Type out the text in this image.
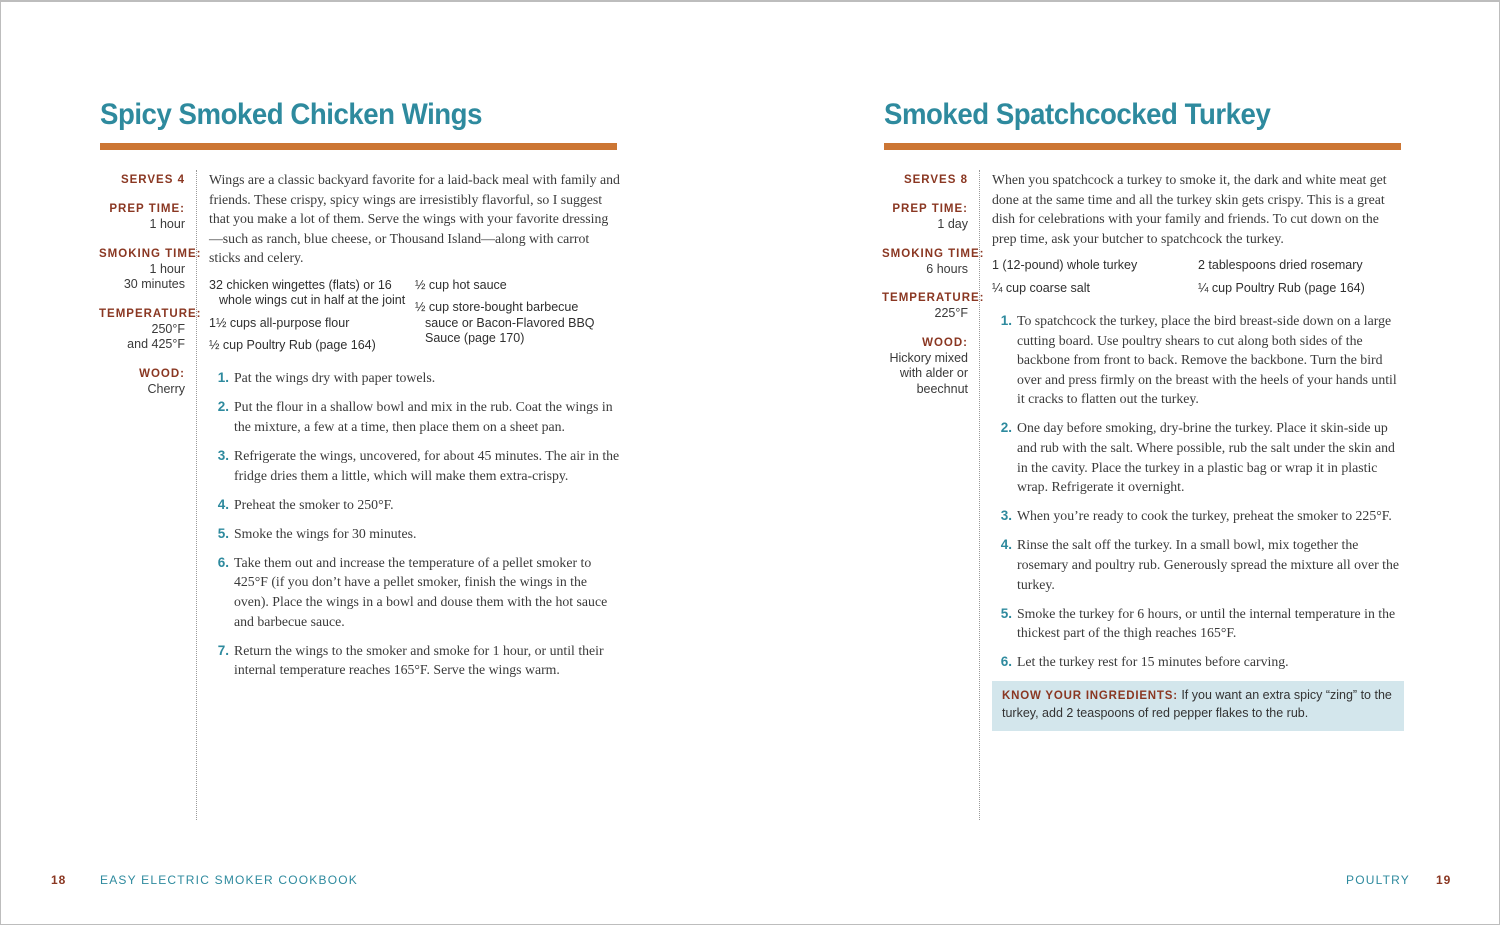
Spicy Smoked Chicken Wings
SERVES 4
PREP TIME:
1 hour
SMOKING TIME:
1 hour
30 minutes
TEMPERATURE:
250°F
and 425°F
WOOD:
Cherry

Wings are a classic backyard favorite for a laid-back meal with family and friends. These crispy, spicy wings are irresistibly flavorful, so I suggest that you make a lot of them. Serve the wings with your favorite dressing—such as ranch, blue cheese, or Thousand Island—along with carrot sticks and celery.

32 chicken wingettes (flats) or 16 whole wings cut in half at the joint
1½ cups all-purpose flour
½ cup Poultry Rub (page 164)
½ cup hot sauce
½ cup store-bought barbecue sauce or Bacon-Flavored BBQ Sauce (page 170)
1. Pat the wings dry with paper towels.
2. Put the flour in a shallow bowl and mix in the rub. Coat the wings in the mixture, a few at a time, then place them on a sheet pan.
3. Refrigerate the wings, uncovered, for about 45 minutes. The air in the fridge dries them a little, which will make them extra-crispy.
4. Preheat the smoker to 250°F.
5. Smoke the wings for 30 minutes.
6. Take them out and increase the temperature of a pellet smoker to 425°F (if you don’t have a pellet smoker, finish the wings in the oven). Place the wings in a bowl and douse them with the hot sauce and barbecue sauce.
7. Return the wings to the smoker and smoke for 1 hour, or until their internal temperature reaches 165°F. Serve the wings warm.
18	EASY ELECTRIC SMOKER COOKBOOK
Smoked Spatchcocked Turkey
SERVES 8
PREP TIME:
1 day
SMOKING TIME:
6 hours
TEMPERATURE:
225°F
WOOD:
Hickory mixed
with alder or
beechnut

When you spatchcock a turkey to smoke it, the dark and white meat get done at the same time and all the turkey skin gets crispy. This is a great dish for celebrations with your family and friends. To cut down on the prep time, ask your butcher to spatchcock the turkey.

1 (12-pound) whole turkey
¼ cup coarse salt
2 tablespoons dried rosemary
¼ cup Poultry Rub (page 164)
1. To spatchcock the turkey, place the bird breast-side down on a large cutting board. Use poultry shears to cut along both sides of the backbone from front to back. Remove the backbone. Turn the bird over and press firmly on the breast with the heels of your hands until it cracks to flatten out the turkey.
2. One day before smoking, dry-brine the turkey. Place it skin-side up and rub with the salt. Where possible, rub the salt under the skin and in the cavity. Place the turkey in a plastic bag or wrap it in plastic wrap. Refrigerate it overnight.
3. When you’re ready to cook the turkey, preheat the smoker to 225°F.
4. Rinse the salt off the turkey. In a small bowl, mix together the rosemary and poultry rub. Generously spread the mixture all over the turkey.
5. Smoke the turkey for 6 hours, or until the internal temperature in the thickest part of the thigh reaches 165°F.
6. Let the turkey rest for 15 minutes before carving.
KNOW YOUR INGREDIENTS: If you want an extra spicy “zing” to the turkey, add 2 teaspoons of red pepper flakes to the rub.
POULTRY 19
